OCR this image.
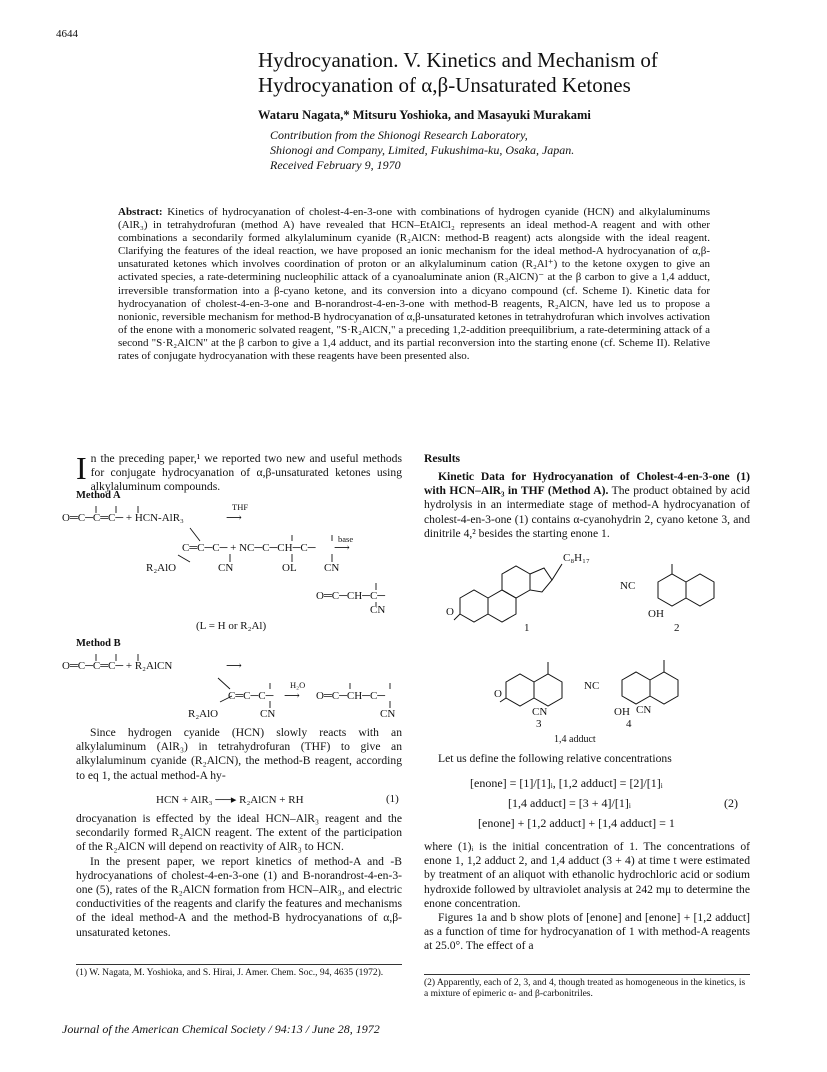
4644
Hydrocyanation. V. Kinetics and Mechanism of
Hydrocyanation of α,β-Unsaturated Ketones
Wataru Nagata,* Mitsuru Yoshioka, and Masayuki Murakami
Contribution from the Shionogi Research Laboratory,
Shionogi and Company, Limited, Fukushima-ku, Osaka, Japan.
Received February 9, 1970
Abstract: Kinetics of hydrocyanation of cholest-4-en-3-one with combinations of hydrogen cyanide (HCN) and alkylaluminums (AlR₃) in tetrahydrofuran (method A) have revealed that HCN–EtAlCl₂ represents an ideal method-A reagent and with other combinations a secondarily formed alkylaluminum cyanide (R₂AlCN: method-B reagent) acts alongside with the ideal reagent. Clarifying the features of the ideal reaction, we have proposed an ionic mechanism for the ideal method-A hydrocyanation of α,β-unsaturated ketones which involves coordination of proton or an alkylaluminum cation (R₂Al⁺) to the ketone oxygen to give an activated species, a rate-determining nucleophilic attack of a cyanoaluminate anion (R₃AlCN)⁻ at the β carbon to give a 1,4 adduct, irreversible transformation into a β-cyano ketone, and its conversion into a dicyano compound (cf. Scheme I). Kinetic data for hydrocyanation of cholest-4-en-3-one and B-norandrost-4-en-3-one with method-B reagents, R₂AlCN, have led us to propose a nonionic, reversible mechanism for method-B hydrocyanation of α,β-unsaturated ketones in tetrahydrofuran which involves activation of the enone with a monomeric solvated reagent, "S·R₂AlCN," a preceding 1,2-addition preequilibrium, a rate-determining attack of a second "S·R₂AlCN" at the β carbon to give a 1,4 adduct, and its partial reconversion into the starting enone (cf. Scheme II). Relative rates of conjugate hydrocyanation with these reagents have been presented also.
I n the preceding paper,¹ we reported two new and useful methods for conjugate hydrocyanation of α,β-unsaturated ketones using alkylaluminum compounds.
Method A
O═C─C═C─ + HCN-AlR₃
THF
⟶
C═C─C─ + NC─C─CH─C─
base
⟶
R₂AlO	CN	OL CN
O═C─CH─C─
CN
(L = H or R₂Al)
Method B
O═C─C═C─ + R₂AlCN	⟶
C═C─C─
H₂O
⟶ O═C─CH─C─
R₂AlO	CN	CN

Since hydrogen cyanide (HCN) slowly reacts with an alkylaluminum (AlR₃) in tetrahydrofuran (THF) to give an alkylaluminum cyanide (R₂AlCN), the method-B reagent, according to eq 1, the actual method-A hy-

HCN + AlR₃ ──▸ R₂AlCN + RH	(1)

drocyanation is effected by the ideal HCN–AlR₃ reagent and the secondarily formed R₂AlCN reagent. The extent of the participation of the R₂AlCN will depend on reactivity of AlR₃ to HCN.

In the present paper, we report kinetics of method-A and -B hydrocyanations of cholest-4-en-3-one (1) and B-norandrost-4-en-3-one (5), rates of the R₂AlCN formation from HCN–AlR₃, and electric conductivities of the reagents and clarify the features and mechanisms of the ideal method-A and the method-B hydrocyanations of α,β-unsaturated ketones.

(1) W. Nagata, M. Yoshioka, and S. Hirai, J. Amer. Chem. Soc., 94, 4635 (1972).
Results

Kinetic Data for Hydrocyanation of Cholest-4-en-3-one (1) with HCN–AlR₃ in THF (Method A). The product obtained by acid hydrolysis in an intermediate stage of method-A hydrocyanation of cholest-4-en-3-one (1) contains α-cyanohydrin 2, cyano ketone 3, and dinitrile 4,² besides the starting enone 1.

C₈H₁₇
O
1
NC
OH
2
O
CN
3
NC
OH CN
4
1,4 adduct

Let us define the following relative concentrations

[enone] = [1]/[1]ᵢ, [1,2 adduct] = [2]/[1]ᵢ
[1,4 adduct] = [3 + 4]/[1]ᵢ	(2)
[enone] + [1,2 adduct] + [1,4 adduct] = 1

where (1)ᵢ is the initial concentration of 1. The concentrations of enone 1, 1,2 adduct 2, and 1,4 adduct (3 + 4) at time t were estimated by treatment of an aliquot with ethanolic hydrochloric acid or sodium hydroxide followed by ultraviolet analysis at 242 mμ to determine the enone concentration.

Figures 1a and b show plots of [enone] and [enone] + [1,2 adduct] as a function of time for hydrocyanation of 1 with method-A reagents at 25.0°. The effect of a

(2) Apparently, each of 2, 3, and 4, though treated as homogeneous in the kinetics, is a mixture of epimeric α- and β-carbonitriles.
Journal of the American Chemical Society / 94:13 / June 28, 1972
